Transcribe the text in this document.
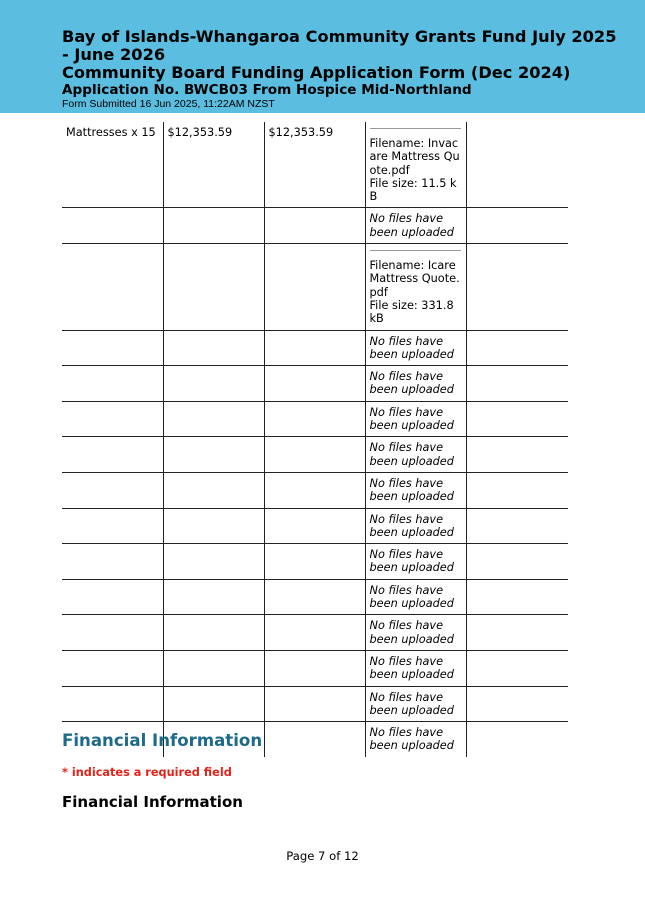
Bay of Islands-Whangaroa Community Grants Fund July 2025 - June 2026
Community Board Funding Application Form (Dec 2024)
Application No. BWCB03 From Hospice Mid-Northland
Form Submitted 16 Jun 2025, 11:22AM NZST
Mattresses x 15	$12,353.59	$12,353.59	Filename: Invacare Mattress Quote.pdf
File size: 11.5 kB	

			No files have been uploaded	

			Filename: Icare Mattress Quote.pdf
File size: 331.8 kB	

			No files have been uploaded	
			No files have been uploaded	
			No files have been uploaded	
			No files have been uploaded	
			No files have been uploaded	
			No files have been uploaded	
			No files have been uploaded	
			No files have been uploaded	
			No files have been uploaded	
			No files have been uploaded	
			No files have been uploaded	
			No files have been uploaded	
Financial Information
* indicates a required field
Financial Information
Page 7 of 12
